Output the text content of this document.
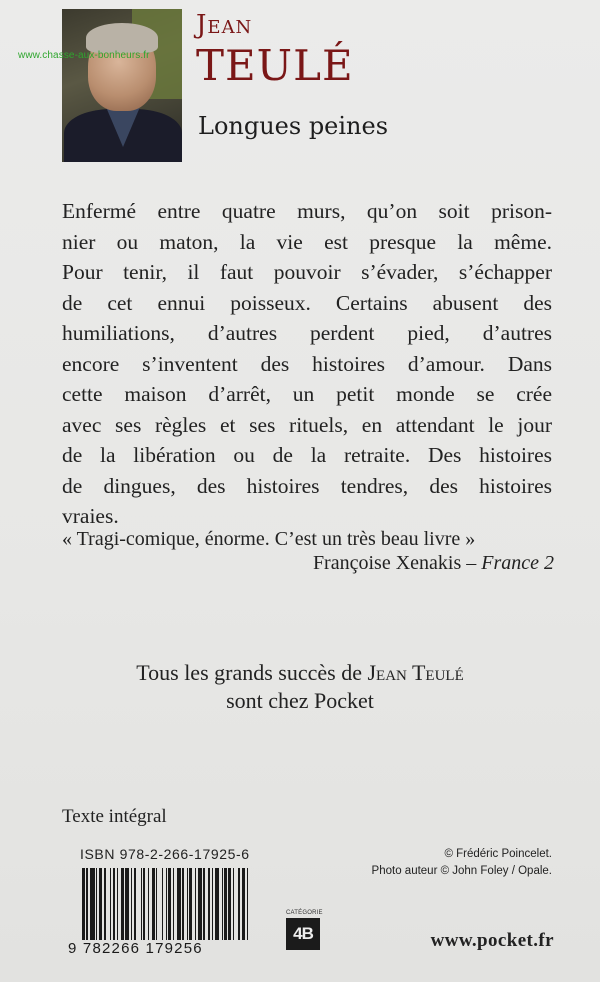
www.chasse-aux-bonheurs.fr
Jean
TEULÉ
Longues peines
Enfermé entre quatre murs, qu’on soit prison-
nier ou maton, la vie est presque la même.
Pour tenir, il faut pouvoir s’évader, s’échapper
de cet ennui poisseux. Certains abusent des
humiliations, d’autres perdent pied, d’autres
encore s’inventent des histoires d’amour. Dans
cette maison d’arrêt, un petit monde se crée
avec ses règles et ses rituels, en attendant le jour
de la libération ou de la retraite. Des histoires
de dingues, des histoires tendres, des histoires
vraies.
« Tragi-comique, énorme. C’est un très beau livre »
Françoise Xenakis – France 2
Tous les grands succès de Jean Teulé
sont chez Pocket
Texte intégral
ISBN 978-2-266-17925-6
9 782266 179256
CATÉGORIE
4B
© Frédéric Poincelet.
Photo auteur © John Foley / Opale.
www.pocket.fr
